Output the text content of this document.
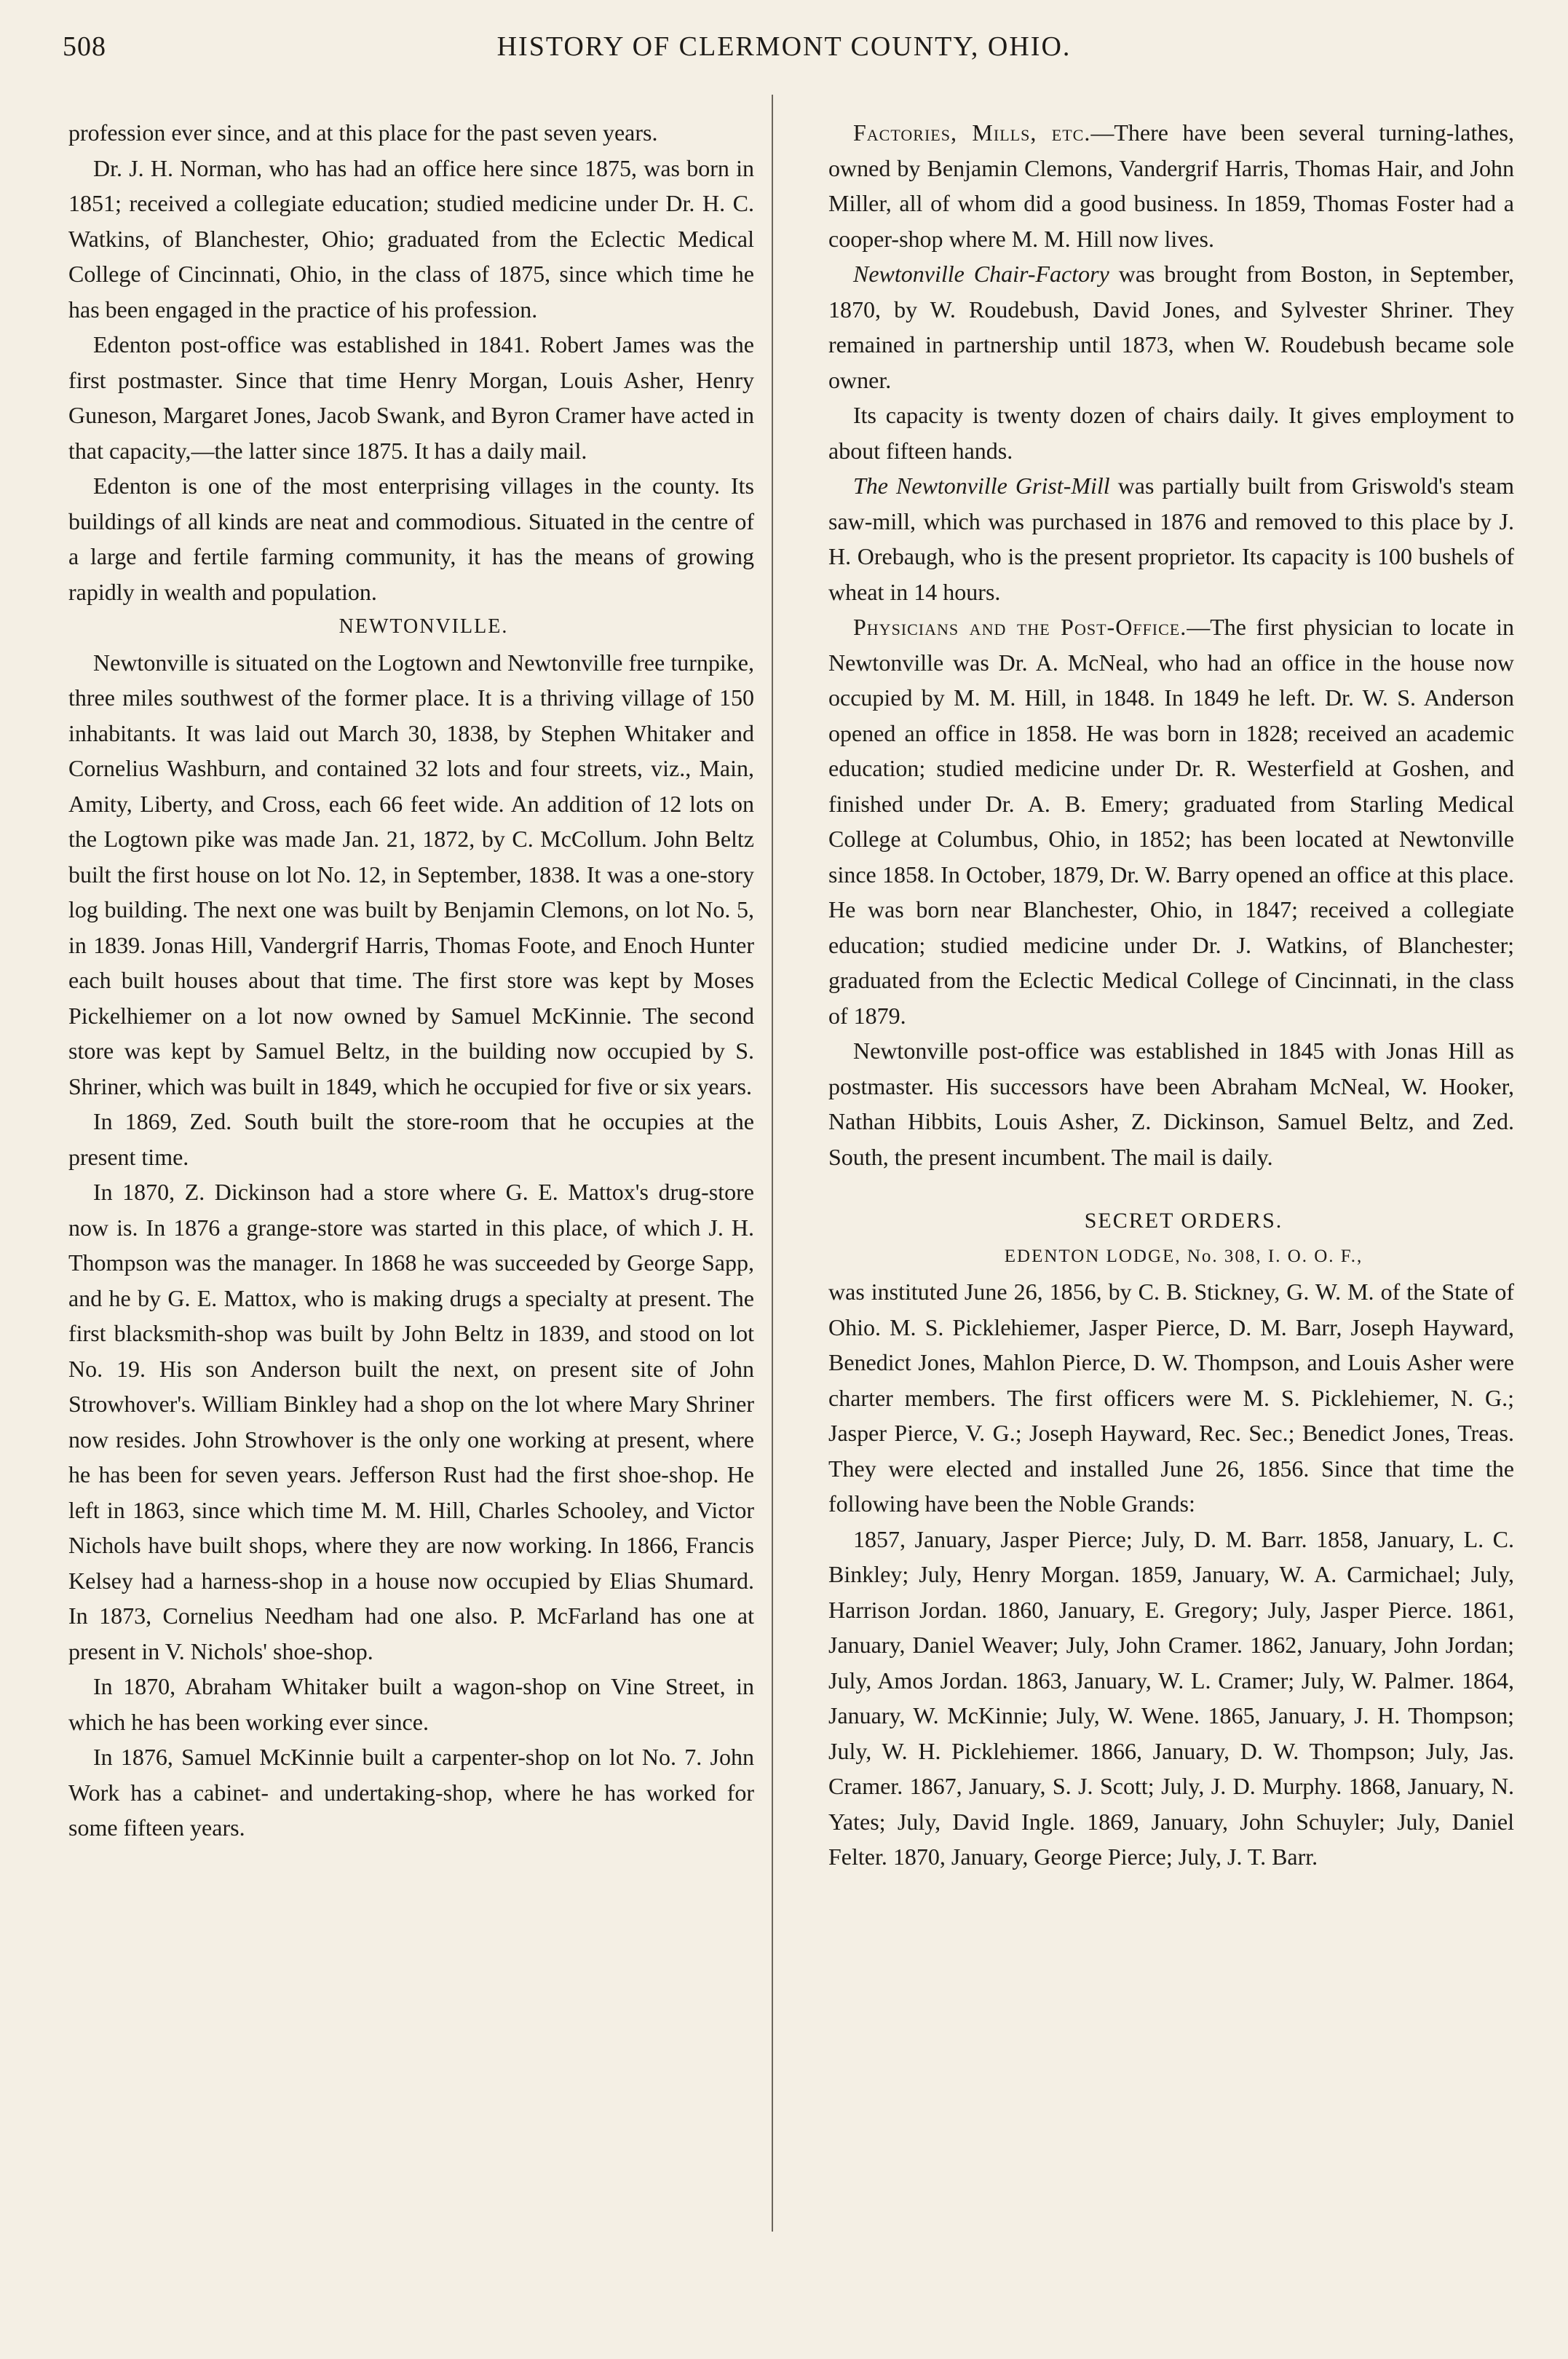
508	HISTORY OF CLERMONT COUNTY, OHIO.

profession ever since, and at this place for the past seven years.

Dr. J. H. Norman, who has had an office here since 1875, was born in 1851; received a collegiate education; studied medicine under Dr. H. C. Watkins, of Blanchester, Ohio; graduated from the Eclectic Medical College of Cincinnati, Ohio, in the class of 1875, since which time he has been engaged in the practice of his profession.

Edenton post-office was established in 1841. Robert James was the first postmaster. Since that time Henry Morgan, Louis Asher, Henry Guneson, Margaret Jones, Jacob Swank, and Byron Cramer have acted in that capacity,—the latter since 1875. It has a daily mail.

Edenton is one of the most enterprising villages in the county. Its buildings of all kinds are neat and commodious. Situated in the centre of a large and fertile farming community, it has the means of growing rapidly in wealth and population.

NEWTONVILLE.

Newtonville is situated on the Logtown and Newtonville free turnpike, three miles southwest of the former place. It is a thriving village of 150 inhabitants. It was laid out March 30, 1838, by Stephen Whitaker and Cornelius Washburn, and contained 32 lots and four streets, viz., Main, Amity, Liberty, and Cross, each 66 feet wide. An addition of 12 lots on the Logtown pike was made Jan. 21, 1872, by C. McCollum. John Beltz built the first house on lot No. 12, in September, 1838. It was a one-story log building. The next one was built by Benjamin Clemons, on lot No. 5, in 1839. Jonas Hill, Vandergrif Harris, Thomas Foote, and Enoch Hunter each built houses about that time. The first store was kept by Moses Pickelhiemer on a lot now owned by Samuel McKinnie. The second store was kept by Samuel Beltz, in the building now occupied by S. Shriner, which was built in 1849, which he occupied for five or six years.

In 1869, Zed. South built the store-room that he occupies at the present time.

In 1870, Z. Dickinson had a store where G. E. Mattox's drug-store now is. In 1876 a grange-store was started in this place, of which J. H. Thompson was the manager. In 1868 he was succeeded by George Sapp, and he by G. E. Mattox, who is making drugs a specialty at present. The first blacksmith-shop was built by John Beltz in 1839, and stood on lot No. 19. His son Anderson built the next, on present site of John Strowhover's. William Binkley had a shop on the lot where Mary Shriner now resides. John Strowhover is the only one working at present, where he has been for seven years. Jefferson Rust had the first shoe-shop. He left in 1863, since which time M. M. Hill, Charles Schooley, and Victor Nichols have built shops, where they are now working. In 1866, Francis Kelsey had a harness-shop in a house now occupied by Elias Shumard. In 1873, Cornelius Needham had one also. P. McFarland has one at present in V. Nichols' shoe-shop.

In 1870, Abraham Whitaker built a wagon-shop on Vine Street, in which he has been working ever since.

In 1876, Samuel McKinnie built a carpenter-shop on lot No. 7. John Work has a cabinet- and undertaking-shop, where he has worked for some fifteen years.

Factories, Mills, etc.—There have been several turning-lathes, owned by Benjamin Clemons, Vandergrif Harris, Thomas Hair, and John Miller, all of whom did a good business. In 1859, Thomas Foster had a cooper-shop where M. M. Hill now lives.

Newtonville Chair-Factory was brought from Boston, in September, 1870, by W. Roudebush, David Jones, and Sylvester Shriner. They remained in partnership until 1873, when W. Roudebush became sole owner.

Its capacity is twenty dozen of chairs daily. It gives employment to about fifteen hands.

The Newtonville Grist-Mill was partially built from Griswold's steam saw-mill, which was purchased in 1876 and removed to this place by J. H. Orebaugh, who is the present proprietor. Its capacity is 100 bushels of wheat in 14 hours.

Physicians and the Post-Office.—The first physician to locate in Newtonville was Dr. A. McNeal, who had an office in the house now occupied by M. M. Hill, in 1848. In 1849 he left. Dr. W. S. Anderson opened an office in 1858. He was born in 1828; received an academic education; studied medicine under Dr. R. Westerfield at Goshen, and finished under Dr. A. B. Emery; graduated from Starling Medical College at Columbus, Ohio, in 1852; has been located at Newtonville since 1858. In October, 1879, Dr. W. Barry opened an office at this place. He was born near Blanchester, Ohio, in 1847; received a collegiate education; studied medicine under Dr. J. Watkins, of Blanchester; graduated from the Eclectic Medical College of Cincinnati, in the class of 1879.

Newtonville post-office was established in 1845 with Jonas Hill as postmaster. His successors have been Abraham McNeal, W. Hooker, Nathan Hibbits, Louis Asher, Z. Dickinson, Samuel Beltz, and Zed. South, the present incumbent. The mail is daily.

SECRET ORDERS.

EDENTON LODGE, No. 308, I. O. O. F.,

was instituted June 26, 1856, by C. B. Stickney, G. W. M. of the State of Ohio. M. S. Picklehiemer, Jasper Pierce, D. M. Barr, Joseph Hayward, Benedict Jones, Mahlon Pierce, D. W. Thompson, and Louis Asher were charter members. The first officers were M. S. Picklehiemer, N. G.; Jasper Pierce, V. G.; Joseph Hayward, Rec. Sec.; Benedict Jones, Treas. They were elected and installed June 26, 1856. Since that time the following have been the Noble Grands:

1857, January, Jasper Pierce; July, D. M. Barr. 1858, January, L. C. Binkley; July, Henry Morgan. 1859, January, W. A. Carmichael; July, Harrison Jordan. 1860, January, E. Gregory; July, Jasper Pierce. 1861, January, Daniel Weaver; July, John Cramer. 1862, January, John Jordan; July, Amos Jordan. 1863, January, W. L. Cramer; July, W. Palmer. 1864, January, W. McKinnie; July, W. Wene. 1865, January, J. H. Thompson; July, W. H. Picklehiemer. 1866, January, D. W. Thompson; July, Jas. Cramer. 1867, January, S. J. Scott; July, J. D. Murphy. 1868, January, N. Yates; July, David Ingle. 1869, January, John Schuyler; July, Daniel Felter. 1870, January, George Pierce; July, J. T. Barr.
